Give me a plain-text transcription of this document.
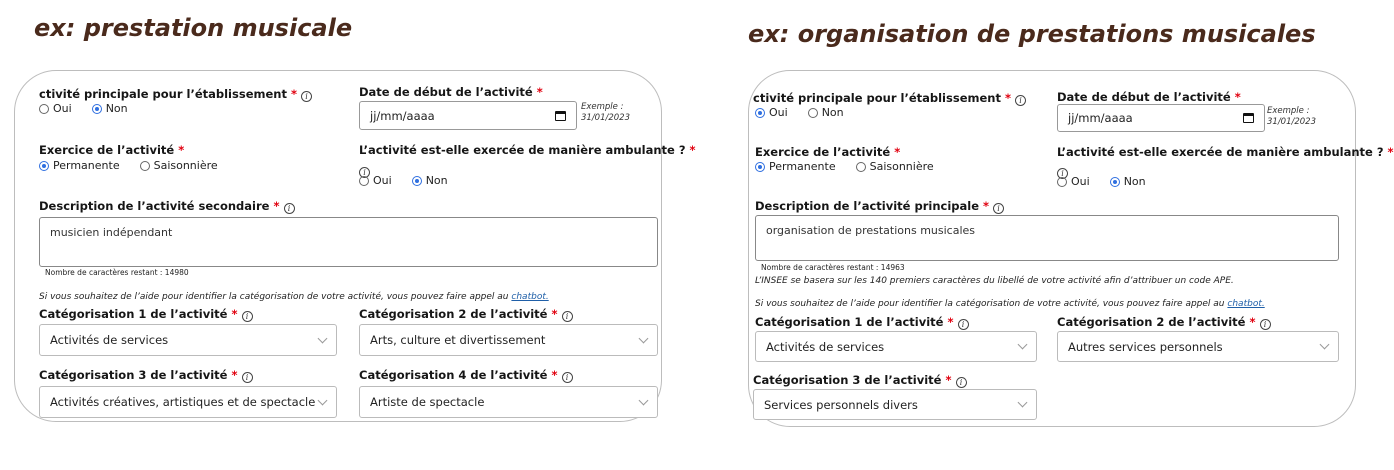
ex: prestation musicale
ctivité principale pour l’établissement * i
Oui	Non
Date de début de l’activité *
jj/mm/aaaa
Exemple :
31/01/2023
Exercice de l’activité *
Permanente	Saisonnière
L’activité est-elle exercée de manière ambulante ? *
i
Oui	Non
Description de l’activité secondaire * i
musicien indépendant
Nombre de caractères restant : 14980
Si vous souhaitez de l’aide pour identifier la catégorisation de votre activité, vous pouvez faire appel au chatbot.
Catégorisation 1 de l’activité * i
Activités de services
Catégorisation 2 de l’activité * i
Arts, culture et divertissement
Catégorisation 3 de l’activité * i
Activités créatives, artistiques et de spectacle
Catégorisation 4 de l’activité * i
Artiste de spectacle
ex: organisation de prestations musicales
ctivité principale pour l’établissement * i
Oui	Non
Date de début de l’activité *
jj/mm/aaaa	Exemple :
31/01/2023
Exercice de l’activité *
Permanente	Saisonnière
L’activité est-elle exercée de manière ambulante ? *
i
Oui	Non
Description de l’activité principale * i
organisation de prestations musicales
Nombre de caractères restant : 14963
L’INSEE se basera sur les 140 premiers caractères du libellé de votre activité afin d’attribuer un code APE.
Si vous souhaitez de l’aide pour identifier la catégorisation de votre activité, vous pouvez faire appel au chatbot.
Catégorisation 1 de l’activité * i
Activités de services
Catégorisation 2 de l’activité * i
Autres services personnels
Catégorisation 3 de l’activité * i
Services personnels divers
